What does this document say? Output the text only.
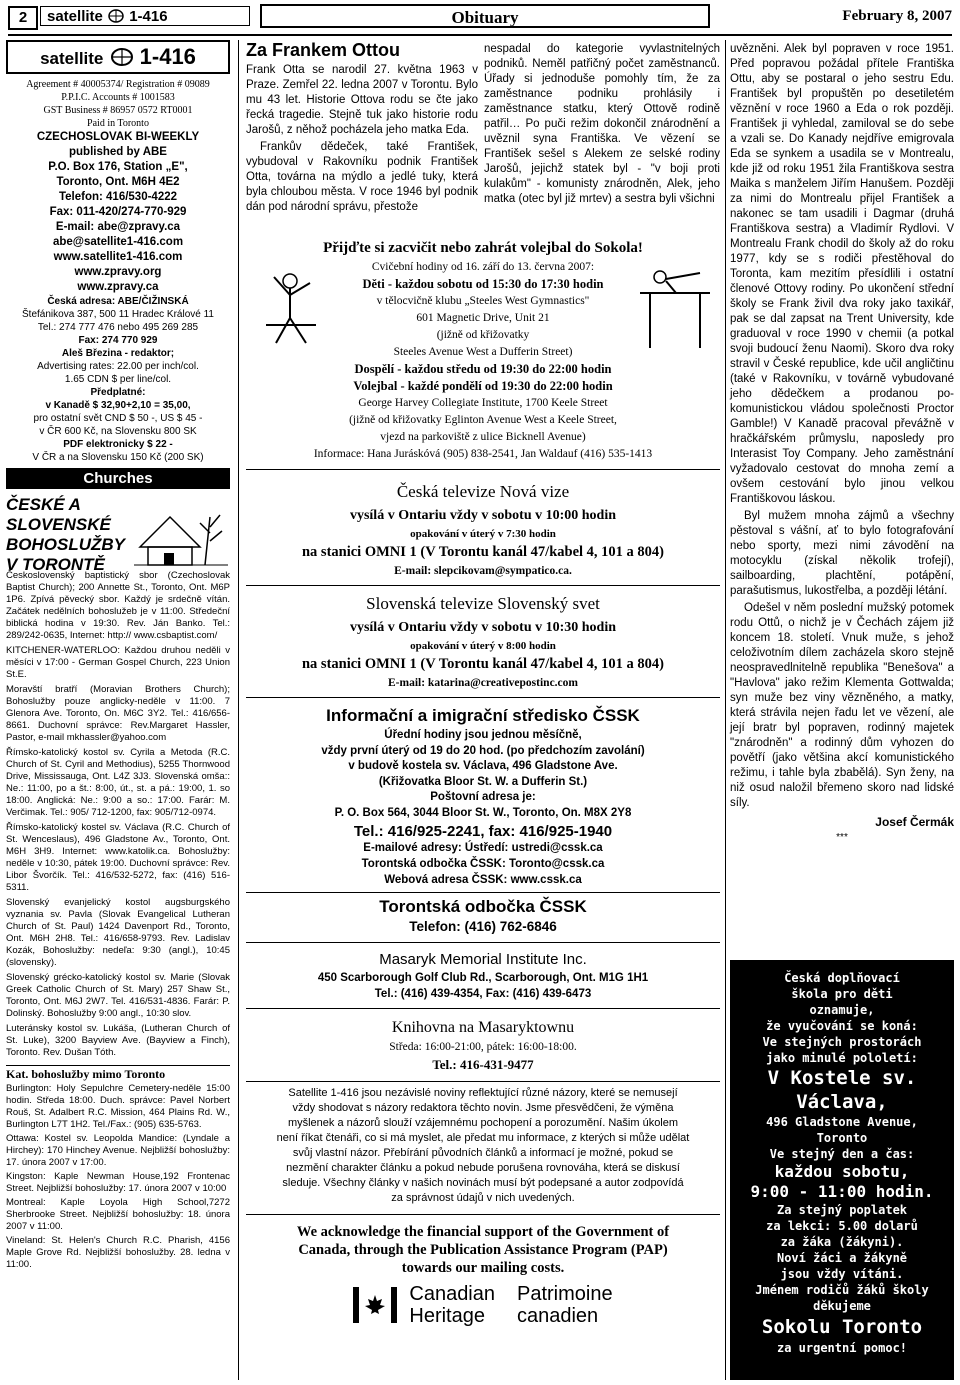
2	satellite 1-416	Obituary	February 8, 2007
satellite 1-416
Agreement # 40005374/ Registration # 09089
P.P.I.C. Accounts # 1001583
GST Business # 86957 0572 RT0001
Paid in Toronto
CZECHOSLOVAK BI-WEEKLY
published by ABE
P.O. Box 176, Station „E",
Toronto, Ont. M6H 4E2
Telefon: 416/530-4222
Fax: 011-420/274-770-929
E-mail: abe@zpravy.ca
abe@satellite1-416.com
www.satellite1-416.com
www.zpravy.org
www.zpravy.ca
Česká adresa: ABE/ČIŽINSKÁ
Štefánikova 387, 500 11 Hradec Králové 11
Tel.: 274 777 476 nebo 495 269 285
Fax: 274 770 929
Aleš Březina - redaktor;
Advertising rates: 22.00 per inch/col.
1.65 CDN $ per line/col.
Předplatné:
v Kanadě $ 32,90+2,10 = 35,00,
pro ostatní svět CND $ 50 -, US $ 45 -
v ČR 600 Kč, na Slovensku 800 SK
PDF elektronicky $ 22 -
V ČR a na Slovensku 150 Kč (200 SK)
Churches
ČESKÉ A SLOVENSKÉ BOHOSLUŽBY V TORONTĚ
Československý baptistický sbor (Czechoslovak Baptist Church); 200 Annette St., Toronto, Ont. M6P 1P6. Zpívá pěvecký sbor. Každý je srdečně vítán. Začátek nedělních bohoslužeb je v 11:00. Středeční biblická hodina v 19:30. Rev. Ján Banko. Tel.: 289/242-0635, Internet: http:// www.csbaptist.com/
KITCHENER-WATERLOO: Každou druhou neděli v měsíci v 17:00 - German Gospel Church, 223 Union St.E.
Moravští bratří (Moravian Brothers Church); Bohoslužby pouze anglicky-neděle v 11:00. 7 Glenora Ave. Toronto, On. M6C 3Y2. Tel.: 416/656-8661. Duchovní správce: Rev.Margaret Hassler, Pastor, e-mail mkhassler@yahoo.com
Římsko-katolický kostol sv. Cyrila a Metoda (R.C. Church of St. Cyril and Methodius), 5255 Thornwood Drive, Mississauga, Ont. L4Z 3J3. Slovenská omša:: Ne.: 11:00, po a št.: 8:00, út., st. a pá.: 19:00, 1. so 18:00. Anglická: Ne.: 9:00 a so.: 17:00. Farár: M. Verčimak. Tel.: 905/ 712-1200, fax: 905/712-0974.
Římsko-katolický kostel sv. Václava (R.C. Church of St. Wenceslaus), 496 Gladstone Av., Toronto, Ont. M6H 3H9. Internet: www.katolik.ca. Bohoslužby: neděle v 10:30, pátek 19:00. Duchovní správce: Rev. Libor Švorčík. Tel.: 416/532-5272, fax: (416) 516-5311.
Slovenský evanjelický kostol augsburgského vyznania sv. Pavla (Slovak Evangelical Lutheran Church of St. Paul) 1424 Davenport Rd., Toronto, Ont. M6H 2H8. Tel.: 416/658-9793. Rev. Ladislav Kozák, Bohoslužby: nedeľa: 9:30 (angl.), 10:45 (slovensky).
Slovenský grécko-katolický kostol sv. Marie (Slovak Greek Catholic Church of St. Mary) 257 Shaw St., Toronto, Ont. M6J 2W7. Tel. 416/531-4836. Farár: P. Dolinský. Bohoslužby 9:00 angl., 10:30 slov.
Luteránsky kostol sv. Lukáša, (Lutheran Church of St. Luke), 3200 Bayview Ave. (Bayview a Finch), Toronto. Rev. Dušan Tóth.
Kat. bohoslužby mimo Toronto
Burlington: Holy Sepulchre Cemetery-neděle 15:00 hodin. Středa 18:00. Duch. správce: Pavel Norbert Rouš, St. Adalbert R.C. Mission, 464 Plains Rd. W., Burlington L7T 1H2. Tel./Fax.: (905) 635-5763.
Ottawa: Kostel sv. Leopolda Mandice: (Lyndale a Hirchey): 170 Hinchey Avenue. Nejbližší bohoslužby: 17. února 2007 v 17:00.
Kingston: Kaple Newman House,192 Frontenac Street. Nejbližší bohoslužby: 17. února 2007 v 10:00
Montreal: Kaple Loyola High School,7272 Sherbrooke Street. Nejbližší bohoslužby: 18. února 2007 v 11:00.
Vineland: St. Helen's Church R.C. Pharish, 4156 Maple Grove Rd. Nejbližší bohoslužby. 28. ledna v 11:00.
Za Frankem Ottou
Frank Otta se narodil 27. května 1963 v Praze. Zemřel 22. ledna 2007 v Torontu. Bylo mu 43 let. Historie Ottova rodu se čte jako řecká tragedie. Stejně tuk jako historie rodu Jarošů, z něhož pocházela jeho matka Eda.
Frankův dědeček, také František, vybudoval v Rakovníku podnik František Otta, továrna na mýdlo a jedlé tuky, která byla chloubou města. V roce 1946 byl podnik dán pod národní správu, přestože
nespadal do kategorie vyvlastnitelných podniků. Neměl patřičný počet zaměstnanců. Úřady si jednoduše pomohly tím, že za zaměstnance podniku prohlásily i zaměstnance statku, který Ottově rodině patřil… Po puči režim dokončil znárodnění a uvěznil syna Františka. Ve vězení se František sešel s Alekem ze selské rodiny Jarošů, jejichž statek byl - "v boji proti kulakům" - komunisty znárodněn, Alek, jeho matka (otec byl již mrtev) a sestra byli všichni
Přijďte si zacvičit nebo zahrát volejbal do Sokola!
Cvičební hodiny od 16. září do 13. června 2007:
Děti - každou sobotu od 15:30 do 17:30 hodin
v tělocvičně klubu „Steeles West Gymnastics"
601 Magnetic Drive, Unit 21
(jižně od křižovatky
Steeles Avenue West a Dufferin Street)
Dospělí - každou středu od 19:30 do 22:00 hodin
Volejbal - každé pondělí od 19:30 do 22:00 hodin
George Harvey Collegiate Institute, 1700 Keele Street
(jižně od křižovatky Eglinton Avenue West a Keele Street,
vjezd na parkoviště z ulice Bicknell Avenue)
Informace: Hana Juráskóvá (905) 838-2541, Jan Waldauf (416) 535-1413
Česká televize Nová vize
vysílá v Ontariu vždy v sobotu v 10:00 hodin
opakování v úterý v 7:30 hodin
na stanici OMNI 1 (V Torontu kanál 47/kabel 4, 101 a 804)
E-mail: slepcikovam@sympatico.ca.
Slovenská televize Slovenský svet
vysílá v Ontariu vždy v sobotu v 10:30 hodin
opakování v úterý v 8:00 hodin
na stanici OMNI 1 (V Torontu kanál 47/kabel 4, 101 a 804)
E-mail: katarina@creativepostinc.com
Informační a imigrační středisko ČSSK
Úřední hodiny jsou jednou měsíčně,
vždy první úterý od 19 do 20 hod. (po předchozím zavolání)
v budově kostela sv. Václava, 496 Gladstone Ave.
(Křižovatka Bloor St. W. a Dufferin St.)
Poštovní adresa je:
P. O. Box 564, 3044 Bloor St. W., Toronto, On. M8X 2Y8
Tel.: 416/925-2241, fax: 416/925-1940
E-mailové adresy: Ústředí: ustredi@cssk.ca
Torontská odbočka ČSSK: Toronto@cssk.ca
Webová adresa ČSSK: www.cssk.ca
Torontská odbočka ČSSK
Telefon: (416) 762-6846
Masaryk Memorial Institute Inc.
450 Scarborough Golf Club Rd., Scarborough, Ont. M1G 1H1
Tel.: (416) 439-4354, Fax: (416) 439-6473
Knihovna na Masaryktownu
Středa: 16:00-21:00, pátek: 16:00-18:00.
Tel.: 416-431-9477
Satellite 1-416 jsou nezávislé noviny reflektující různé názory, které se nemusejí vždy shodovat s názory redaktora těchto novin. Jsme přesvědčeni, že výměna myšlenek a názorů slouží vzájemnému pochopení a porozumění. Našim úkolem není říkat čtenáři, co si má myslet, ale předat mu informace, z kterých si může udělat svůj vlastní názor. Přebírání původních článků a informací je možné, pokud se nezmění charakter článku a pokud nebude porušena rovnováha, která se diskusí sleduje. Všechny články v našich novinách musí být podepsané a autor zodpovídá za správnost údajů v nich uvedených.
We acknowledge the financial support of the Government of Canada, through the Publication Assistance Program (PAP) towards our mailing costs.
Canadian
Heritage
Patrimoine
canadien
uvězněni. Alek byl popraven v roce 1951. Před popravou požádal přítele Františka Ottu, aby se postaral o jeho sestru Edu. František byl propuštěn po desetiletém věznění v roce 1960 a Eda o rok později. František ji vyhledal, zamiloval se do sebe a vzali se. Do Kanady nejdříve emigrovala Eda se synkem a usadila se v Montrealu, kde již od roku 1951 žila Františkova sestra Maika s manželem Jiřím Hanušem. Později za nimi do Montrealu přijel František a nakonec se tam usadili i Dagmar (druhá Františkova sestra) a Vladimír Rydlovi. V Montrealu Frank chodil do školy až do roku 1977, kdy se s rodiči přestěhoval do Toronta, kam mezitím přesídlili i ostatní členové Ottovy rodiny. Po ukončení střední školy se Frank živil dva roky jako taxikář, pak se dal zapsat na Trent University, kde graduoval v roce 1990 v chemii (a potkal svoji budoucí ženu Naomi). Skoro dva roky stravil v České republice, kde učil angličtinu (také v Rakovníku, v továrně vybudované jeho dědečkem a prodanou po-komunistickou vládou společnosti Proctor Gamble!) V Kanadě pracoval převážně v hračkářském průmyslu, naposledy pro Interasist Toy Company. Jeho zaměstnání vyžadovalo cestovat do mnoha zemí a ovšem cestování bylo jinou velkou Františkovou láskou.
Byl mužem mnoha zájmů a všechny pěstoval s vášní, ať to bylo fotografování nebo sporty, mezi nimi závodění na motocyklu (získal několik trofejí), sailboarding, plachtění, potápění, parašutismus, lukostřelba, a později létání.
Odešel v něm poslední mužský potomek rodu Ottů, o nichž je v Čechách zájem již koncem 18. století. Vnuk muže, s jehož celoživotním dílem zacházela skoro stejně neospravedlnitelně republika "Benešova" a "Havlova" jako režim Klementa Gottwalda; syn muže bez viny vězněného, a matky, která strávila nejen řadu let ve vězení, ale její bratr byl popraven, rodinný majetek "znárodněn" a rodinný dům vyhozen do povětří (jako většina akcí komunistického režimu, i tahle byla zbabělá). Syn ženy, na niž osud naložil břemeno skoro nad lidské síly.
Josef Čermák
***
Česká doplňovací
škola pro děti
oznamuje,
že vyučování se koná:
Ve stejných prostorách
jako minulé pololetí:
V Kostele sv.
Václava,
496 Gladstone Avenue,
Toronto
Ve stejný den a čas:
každou sobotu,
9:00 - 11:00 hodin.
Za stejný poplatek
za lekci: 5.00 dolarů
za žáka (žákyni).
Noví žáci a žákyně
jsou vždy vítáni.
Jménem rodičů žáků školy
děkujeme
Sokolu Toronto
za urgentní pomoc!
